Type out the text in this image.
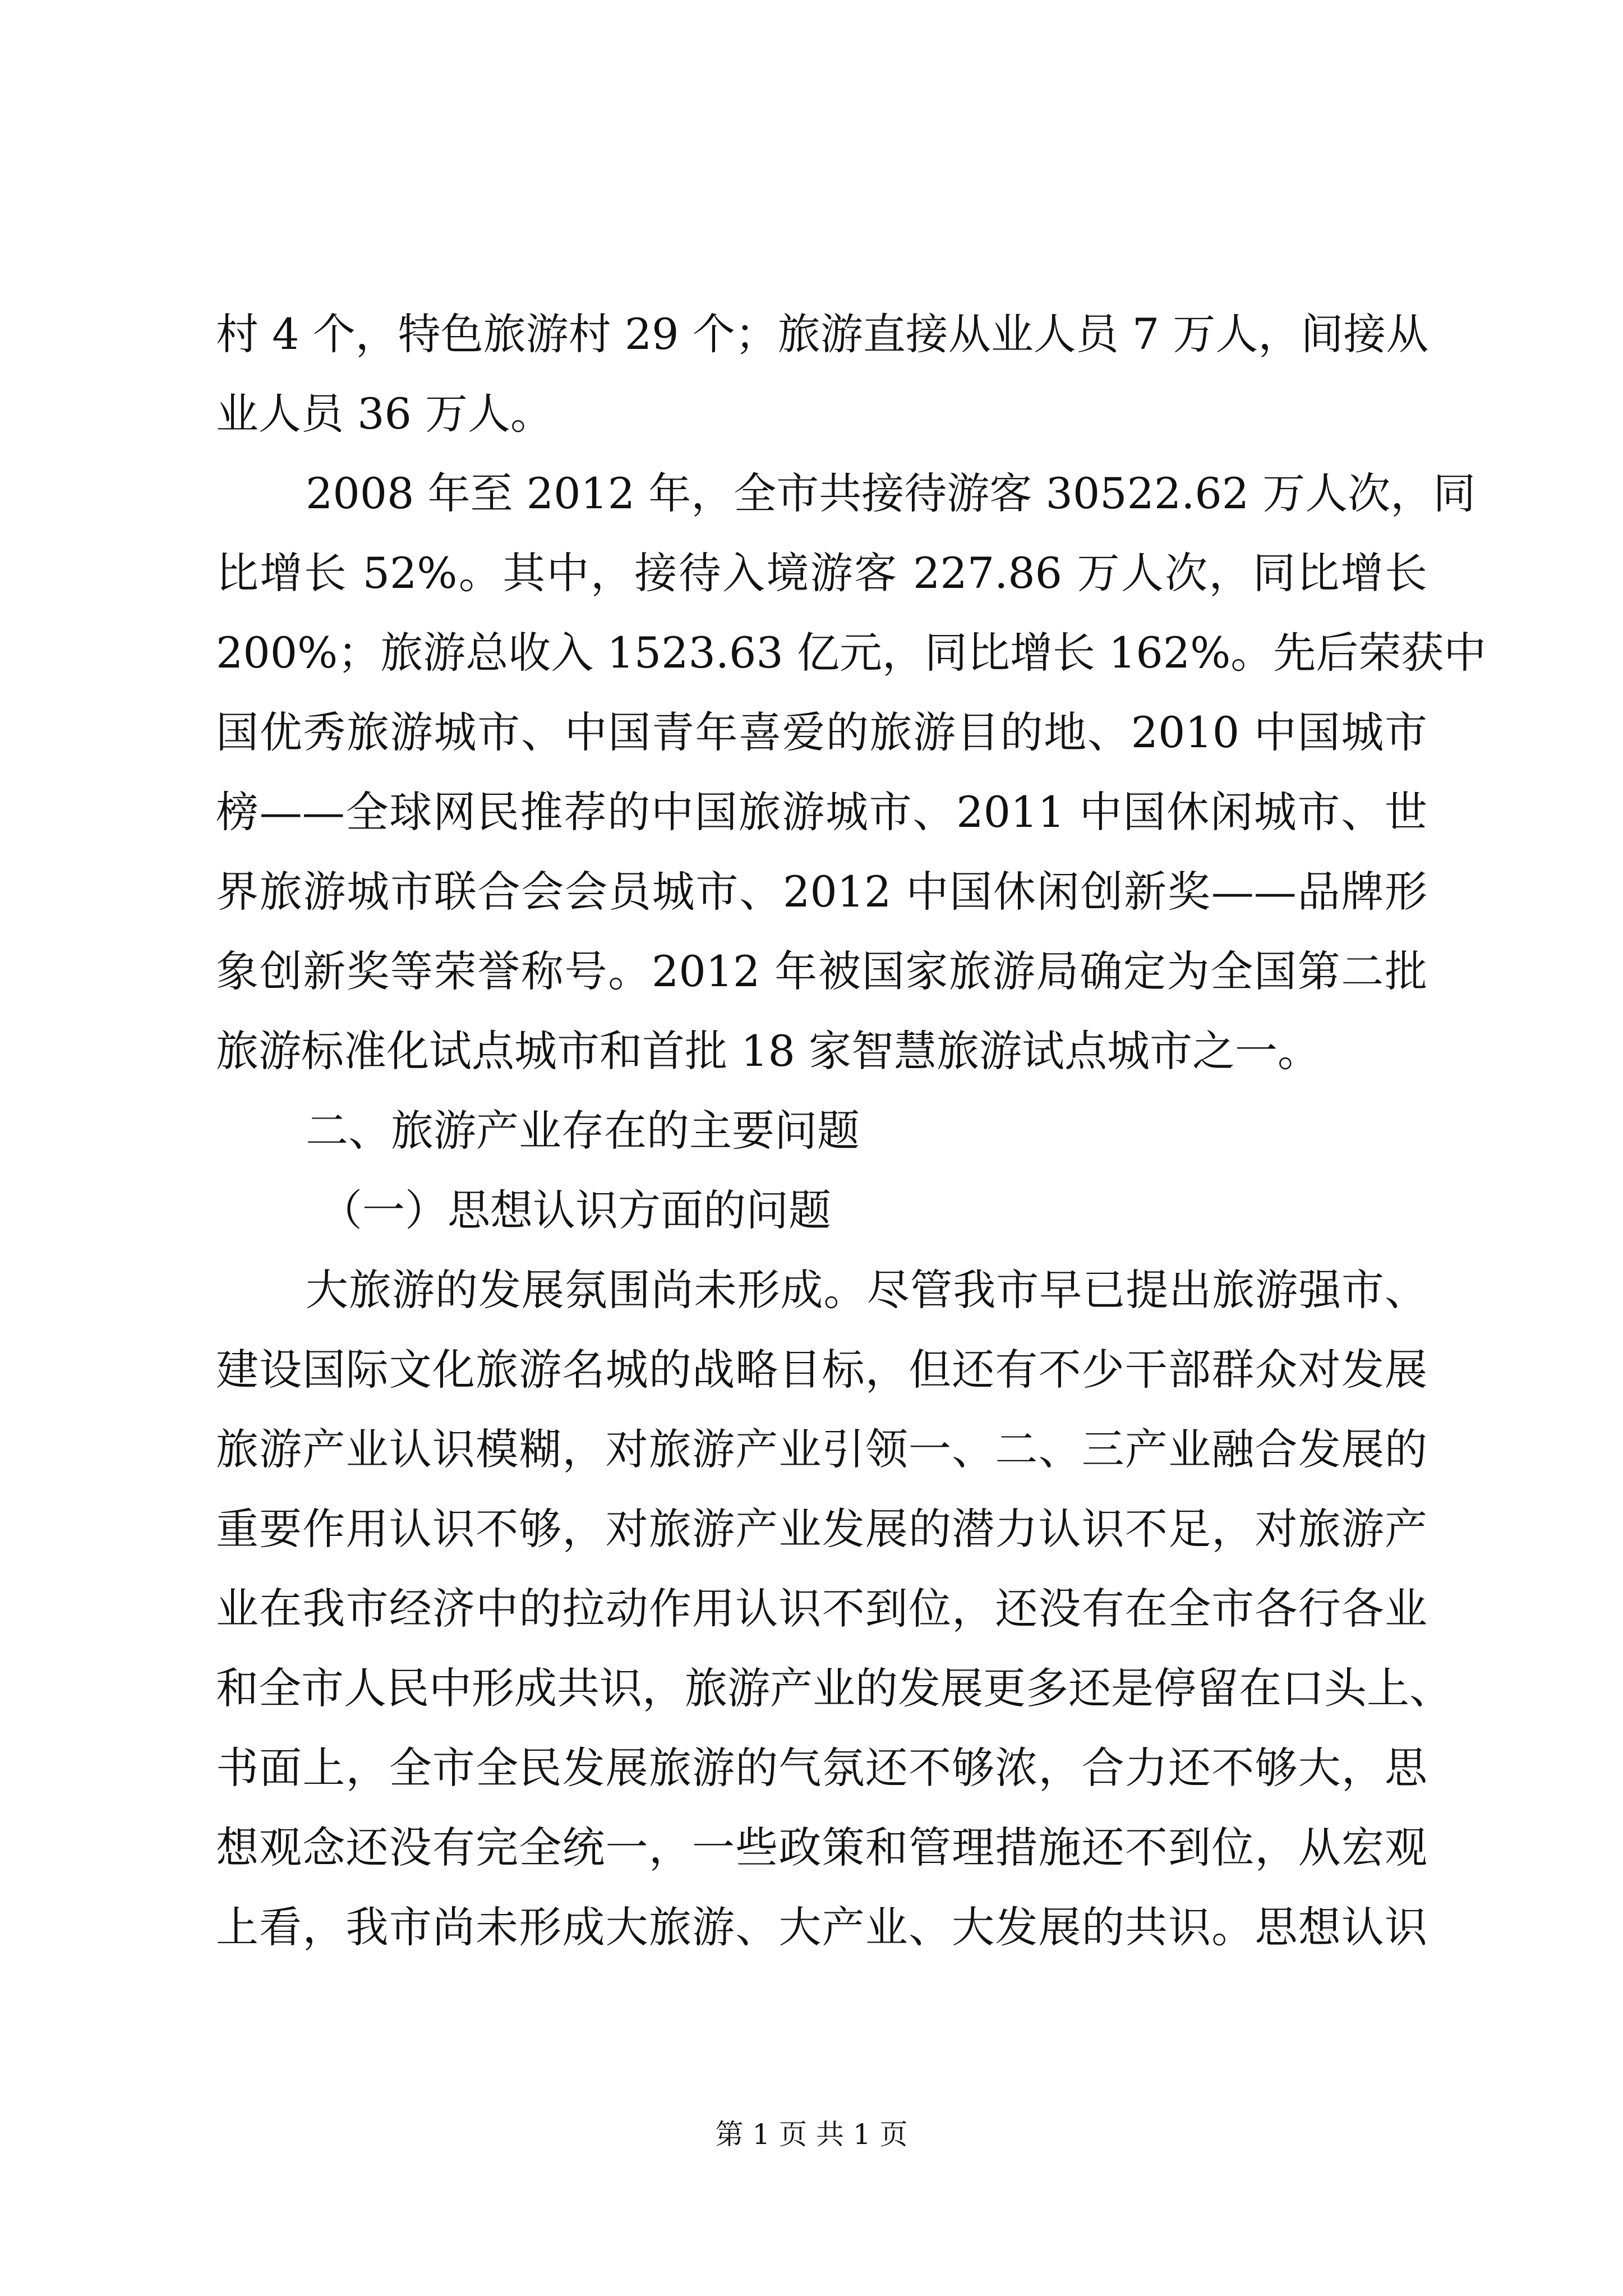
村 4 个，特色旅游村 29 个；旅游直接从业人员 7 万人，间接从
业人员 36 万人。
2008 年至 2012 年，全市共接待游客 30522.62 万人次，同
比增长 52%。其中，接待入境游客 227.86 万人次，同比增长
200%；旅游总收入 1523.63 亿元，同比增长 162%。先后荣获中
国优秀旅游城市、中国青年喜爱的旅游目的地、2010 中国城市
榜——全球网民推荐的中国旅游城市、2011 中国休闲城市、世
界旅游城市联合会会员城市、2012 中国休闲创新奖——品牌形
象创新奖等荣誉称号。2012 年被国家旅游局确定为全国第二批
旅游标准化试点城市和首批 18 家智慧旅游试点城市之一。
二、旅游产业存在的主要问题
（一）思想认识方面的问题
大旅游的发展氛围尚未形成。尽管我市早已提出旅游强市、
建设国际文化旅游名城的战略目标，但还有不少干部群众对发展
旅游产业认识模糊，对旅游产业引领一、二、三产业融合发展的
重要作用认识不够，对旅游产业发展的潜力认识不足，对旅游产
业在我市经济中的拉动作用认识不到位，还没有在全市各行各业
和全市人民中形成共识，旅游产业的发展更多还是停留在口头上、
书面上，全市全民发展旅游的气氛还不够浓，合力还不够大，思
想观念还没有完全统一，一些政策和管理措施还不到位，从宏观
上看，我市尚未形成大旅游、大产业、大发展的共识。思想认识
第 1 页 共 1 页
